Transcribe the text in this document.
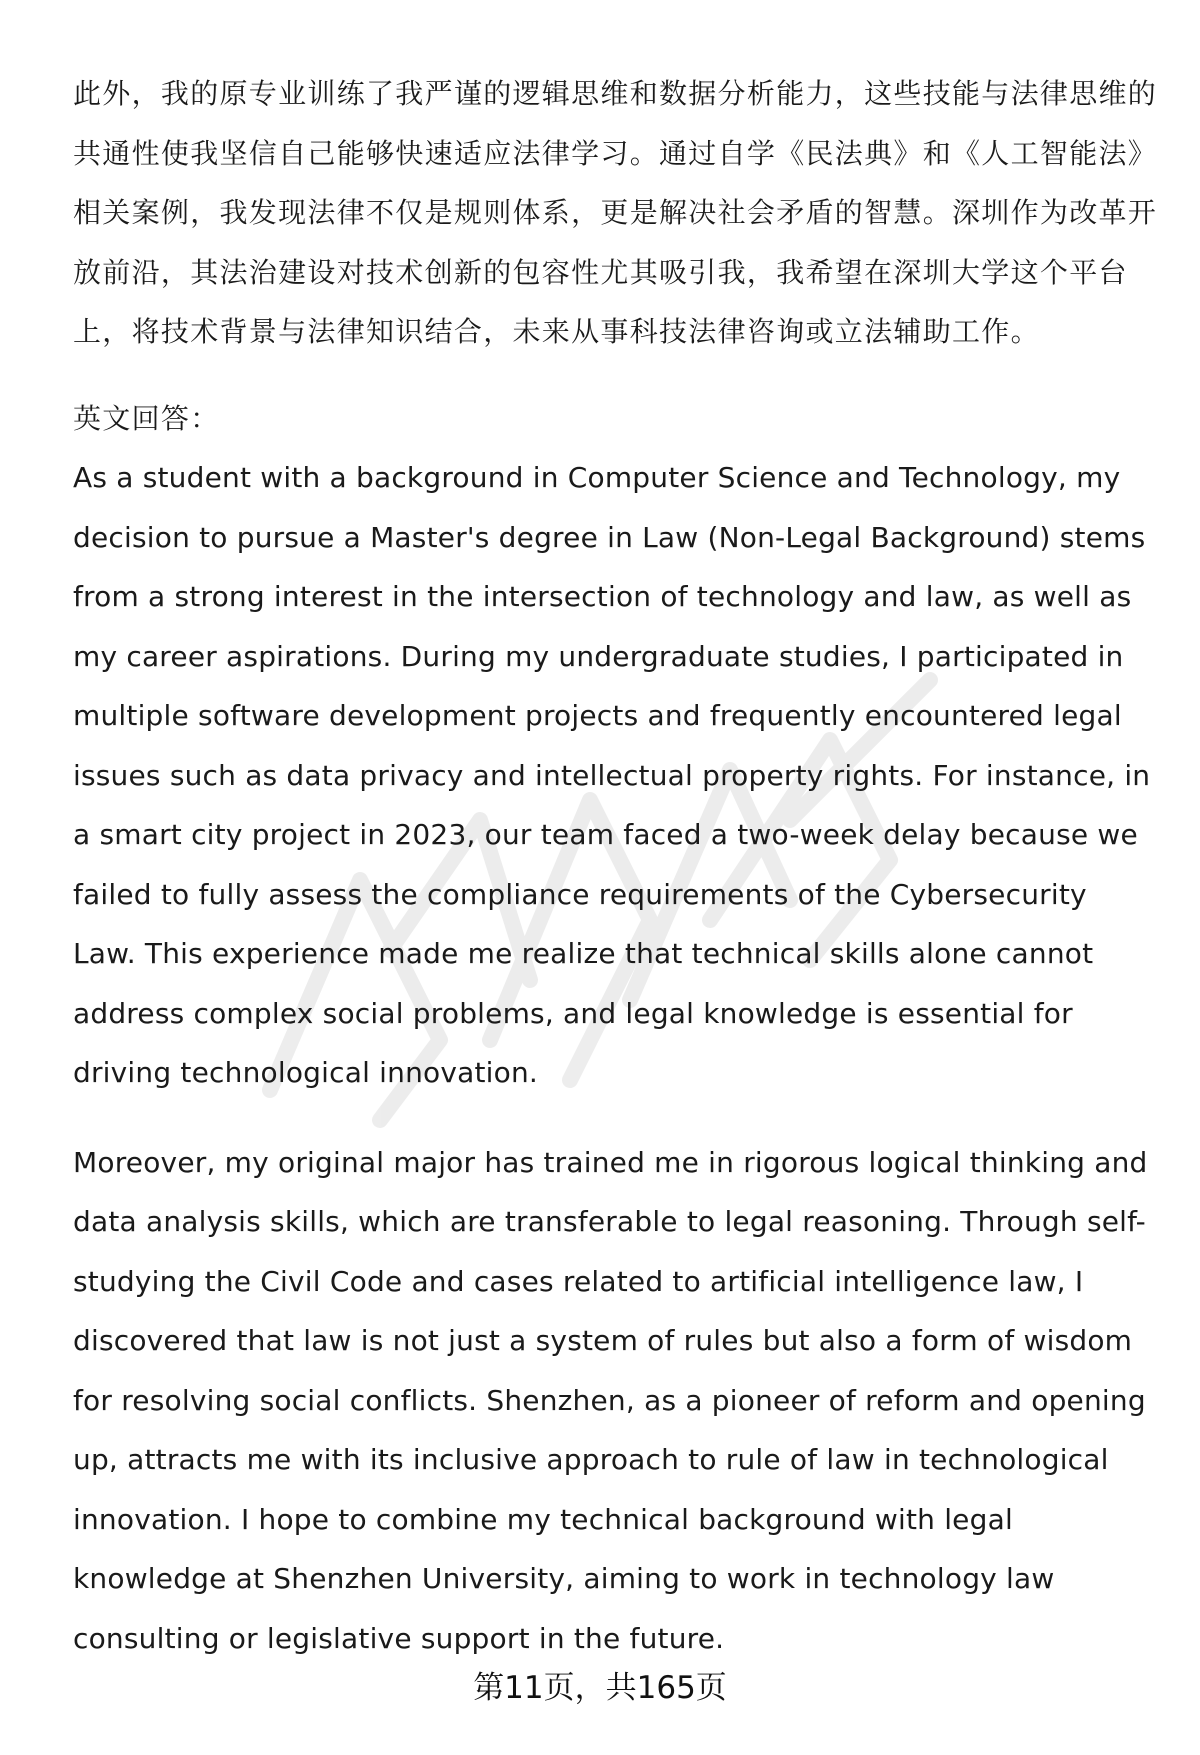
此外，我的原专业训练了我严谨的逻辑思维和数据分析能力，这些技能与法律思维的共通性使我坚信自己能够快速适应法律学习。通过自学《民法典》和《人工智能法》相关案例，我发现法律不仅是规则体系，更是解决社会矛盾的智慧。深圳作为改革开放前沿，其法治建设对技术创新的包容性尤其吸引我，我希望在深圳大学这个平台上，将技术背景与法律知识结合，未来从事科技法律咨询或立法辅助工作。

英文回答：

As a student with a background in Computer Science and Technology, my decision to pursue a Master's degree in Law (Non-Legal Background) stems from a strong interest in the intersection of technology and law, as well as my career aspirations. During my undergraduate studies, I participated in multiple software development projects and frequently encountered legal issues such as data privacy and intellectual property rights. For instance, in a smart city project in 2023, our team faced a two-week delay because we failed to fully assess the compliance requirements of the Cybersecurity Law. This experience made me realize that technical skills alone cannot address complex social problems, and legal knowledge is essential for driving technological innovation.

Moreover, my original major has trained me in rigorous logical thinking and data analysis skills, which are transferable to legal reasoning. Through self-studying the Civil Code and cases related to artificial intelligence law, I discovered that law is not just a system of rules but also a form of wisdom for resolving social conflicts. Shenzhen, as a pioneer of reform and opening up, attracts me with its inclusive approach to rule of law in technological innovation. I hope to combine my technical background with legal knowledge at Shenzhen University, aiming to work in technology law consulting or legislative support in the future.

第11页，共165页
